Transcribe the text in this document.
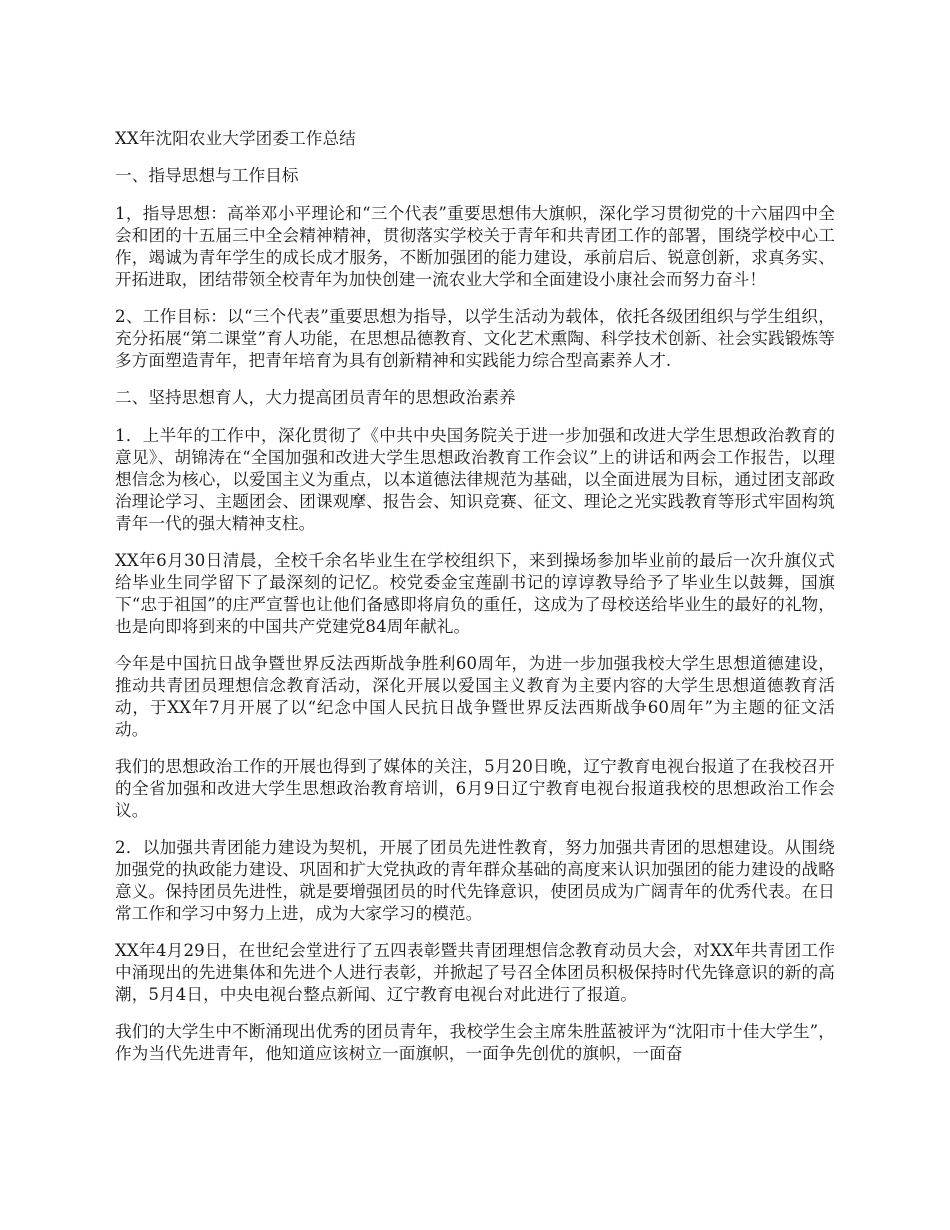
XX年沈阳农业大学团委工作总结

一、指导思想与工作目标

1，指导思想：高举邓小平理论和“三个代表”重要思想伟大旗帜，深化学习贯彻党的十六届四中全会和团的十五届三中全会精神精神，贯彻落实学校关于青年和共青团工作的部署，围绕学校中心工作，竭诚为青年学生的成长成才服务，不断加强团的能力建设，承前启后、锐意创新，求真务实、开拓进取，团结带领全校青年为加快创建一流农业大学和全面建设小康社会而努力奋斗！

2、工作目标：以“三个代表”重要思想为指导，以学生活动为载体，依托各级团组织与学生组织，充分拓展“第二课堂”育人功能，在思想品德教育、文化艺术熏陶、科学技术创新、社会实践锻炼等多方面塑造青年，把青年培育为具有创新精神和实践能力综合型高素养人才.

二、坚持思想育人，大力提高团员青年的思想政治素养

1．上半年的工作中，深化贯彻了《中共中央国务院关于进一步加强和改进大学生思想政治教育的意见》、胡锦涛在“全国加强和改进大学生思想政治教育工作会议”上的讲话和两会工作报告，以理想信念为核心，以爱国主义为重点，以本道德法律规范为基础，以全面进展为目标，通过团支部政治理论学习、主题团会、团课观摩、报告会、知识竞赛、征文、理论之光实践教育等形式牢固构筑青年一代的强大精神支柱。

XX年6月30日清晨，全校千余名毕业生在学校组织下，来到操场参加毕业前的最后一次升旗仪式给毕业生同学留下了最深刻的记忆。校党委金宝莲副书记的谆谆教导给予了毕业生以鼓舞，国旗下“忠于祖国”的庄严宣誓也让他们备感即将肩负的重任，这成为了母校送给毕业生的最好的礼物，也是向即将到来的中国共产党建党84周年献礼。

今年是中国抗日战争暨世界反法西斯战争胜利60周年，为进一步加强我校大学生思想道德建设，推动共青团员理想信念教育活动，深化开展以爱国主义教育为主要内容的大学生思想道德教育活动，于XX年7月开展了以“纪念中国人民抗日战争暨世界反法西斯战争60周年”为主题的征文活动。

我们的思想政治工作的开展也得到了媒体的关注，5月20日晚，辽宁教育电视台报道了在我校召开的全省加强和改进大学生思想政治教育培训，6月9日辽宁教育电视台报道我校的思想政治工作会议。

2．以加强共青团能力建设为契机，开展了团员先进性教育，努力加强共青团的思想建设。从围绕加强党的执政能力建设、巩固和扩大党执政的青年群众基础的高度来认识加强团的能力建设的战略意义。保持团员先进性，就是要增强团员的时代先锋意识，使团员成为广阔青年的优秀代表。在日常工作和学习中努力上进，成为大家学习的模范。

XX年4月29日，在世纪会堂进行了五四表彰暨共青团理想信念教育动员大会，对XX年共青团工作中涌现出的先进集体和先进个人进行表彰，并掀起了号召全体团员积极保持时代先锋意识的新的高潮，5月4日，中央电视台整点新闻、辽宁教育电视台对此进行了报道。

我们的大学生中不断涌现出优秀的团员青年，我校学生会主席朱胜蓝被评为“沈阳市十佳大学生”，作为当代先进青年，他知道应该树立一面旗帜，一面争先创优的旗帜，一面奋
